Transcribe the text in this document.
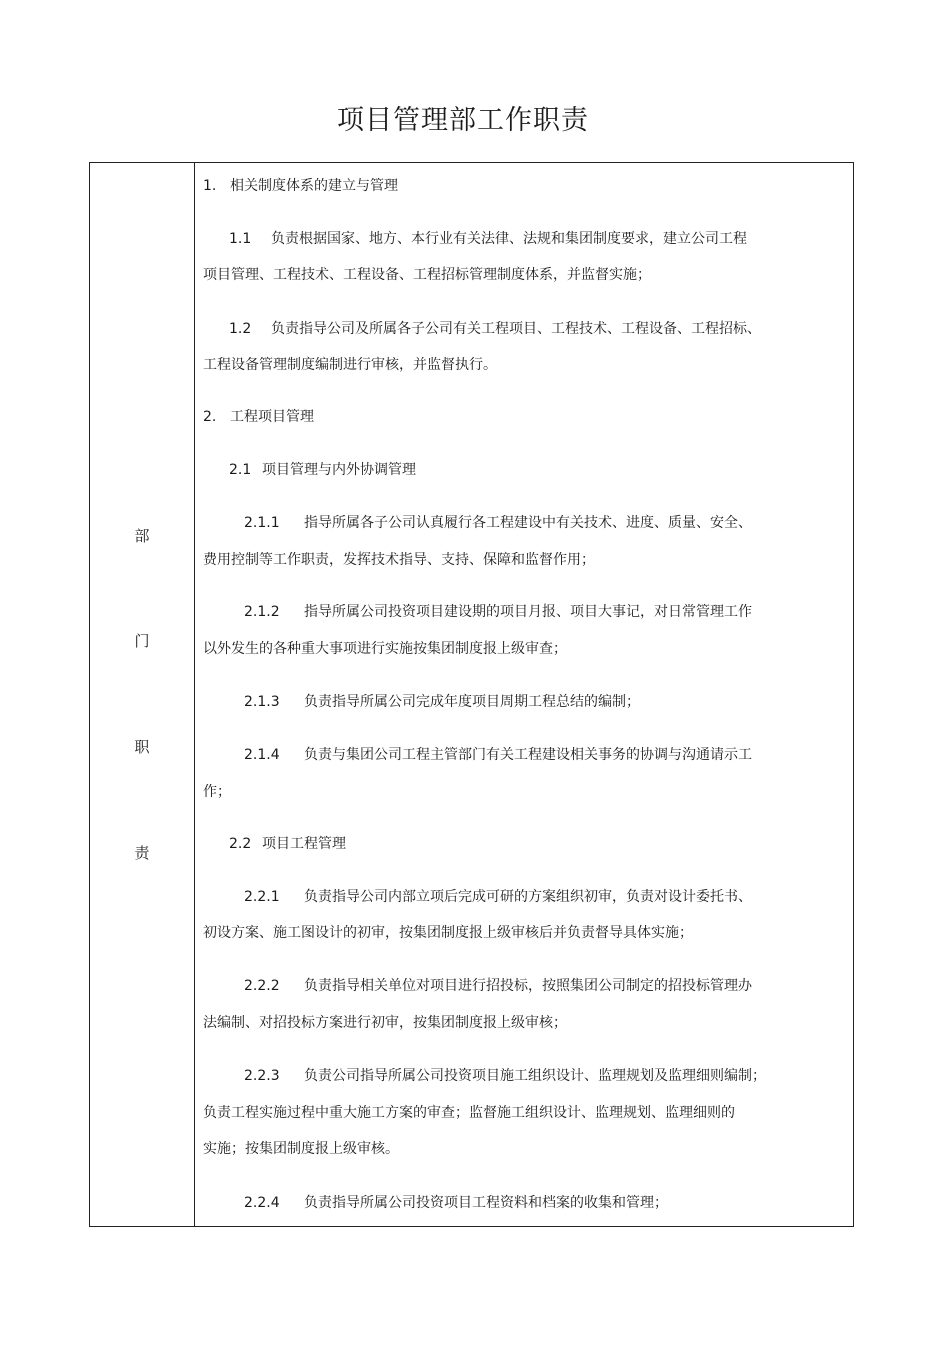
项目管理部工作职责
部
门
职
责
1. 相关制度体系的建立与管理
1.1 负责根据国家、地方、本行业有关法律、法规和集团制度要求，建立公司工程
项目管理、工程技术、工程设备、工程招标管理制度体系，并监督实施；
1.2 负责指导公司及所属各子公司有关工程项目、工程技术、工程设备、工程招标、
工程设备管理制度编制进行审核，并监督执行。
2. 工程项目管理
2.1 项目管理与内外协调管理
2.1.1 指导所属各子公司认真履行各工程建设中有关技术、进度、质量、安全、
费用控制等工作职责，发挥技术指导、支持、保障和监督作用；
2.1.2 指导所属公司投资项目建设期的项目月报、项目大事记，对日常管理工作
以外发生的各种重大事项进行实施按集团制度报上级审查；
2.1.3 负责指导所属公司完成年度项目周期工程总结的编制；
2.1.4 负责与集团公司工程主管部门有关工程建设相关事务的协调与沟通请示工
作；
2.2 项目工程管理
2.2.1 负责指导公司内部立项后完成可研的方案组织初审，负责对设计委托书、
初设方案、施工图设计的初审，按集团制度报上级审核后并负责督导具体实施；
2.2.2 负责指导相关单位对项目进行招投标，按照集团公司制定的招投标管理办
法编制、对招投标方案进行初审，按集团制度报上级审核；
2.2.3 负责公司指导所属公司投资项目施工组织设计、监理规划及监理细则编制；
负责工程实施过程中重大施工方案的审查；监督施工组织设计、监理规划、监理细则的
实施；按集团制度报上级审核。
2.2.4 负责指导所属公司投资项目工程资料和档案的收集和管理；
